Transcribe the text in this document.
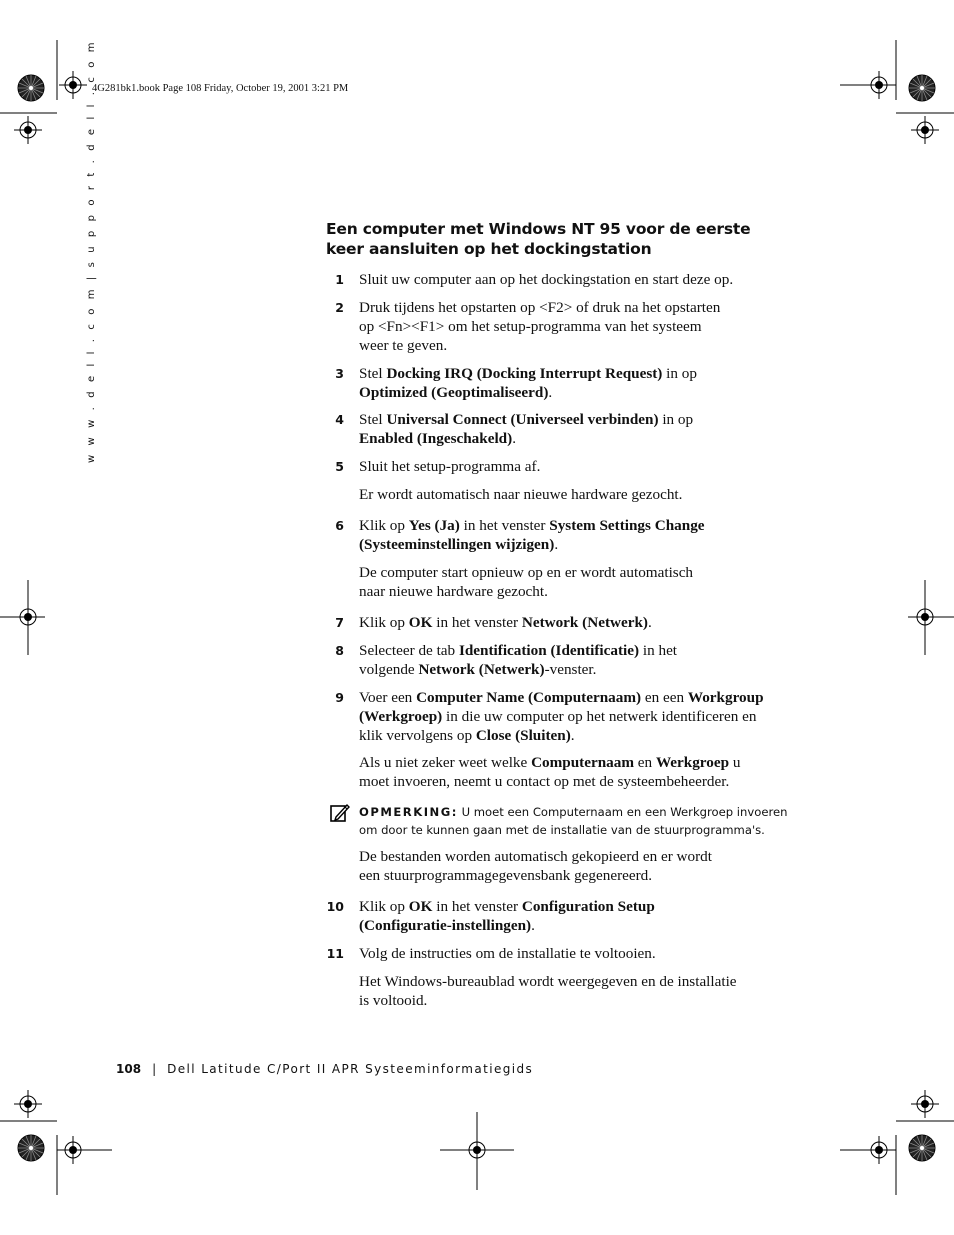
4G281bk1.book Page 108 Friday, October 19, 2001 3:21 PM
w w w . d e l l . c o m | s u p p o r t . d e l l . c o m	Een computer met Windows NT 95 voor de eerste
keer aansluiten op het dockingstation
1 Sluit uw computer aan op het dockingstation en start deze op.
2 Druk tijdens het opstarten op <F2> of druk na het opstarten
op <Fn><F1> om het setup-programma van het systeem
weer te geven.
3 Stel Docking IRQ (Docking Interrupt Request) in op
Optimized (Geoptimaliseerd).
4 Stel Universal Connect (Universeel verbinden) in op
Enabled (Ingeschakeld).
5 Sluit het setup-programma af.
Er wordt automatisch naar nieuwe hardware gezocht.
6 Klik op Yes (Ja) in het venster System Settings Change
(Systeeminstellingen wijzigen).
De computer start opnieuw op en er wordt automatisch
naar nieuwe hardware gezocht.
7 Klik op OK in het venster Network (Netwerk).
8 Selecteer de tab Identification (Identificatie) in het
volgende Network (Netwerk)-venster.
9 Voer een Computer Name (Computernaam) en een Workgroup
(Werkgroep) in die uw computer op het netwerk identificeren en
klik vervolgens op Close (Sluiten).
Als u niet zeker weet welke Computernaam en Werkgroep u
moet invoeren, neemt u contact op met de systeembeheerder.
OPMERKING: U moet een Computernaam en een Werkgroep invoeren
om door te kunnen gaan met de installatie van de stuurprogramma's.
De bestanden worden automatisch gekopieerd en er wordt
een stuurprogrammagegevensbank gegenereerd.
10 Klik op OK in het venster Configuration Setup
(Configuratie-instellingen).
11 Volg de instructies om de installatie te voltooien.
Het Windows-bureaublad wordt weergegeven en de installatie
is voltooid.
108 | Dell Latitude C/Port II APR Systeeminformatiegids
